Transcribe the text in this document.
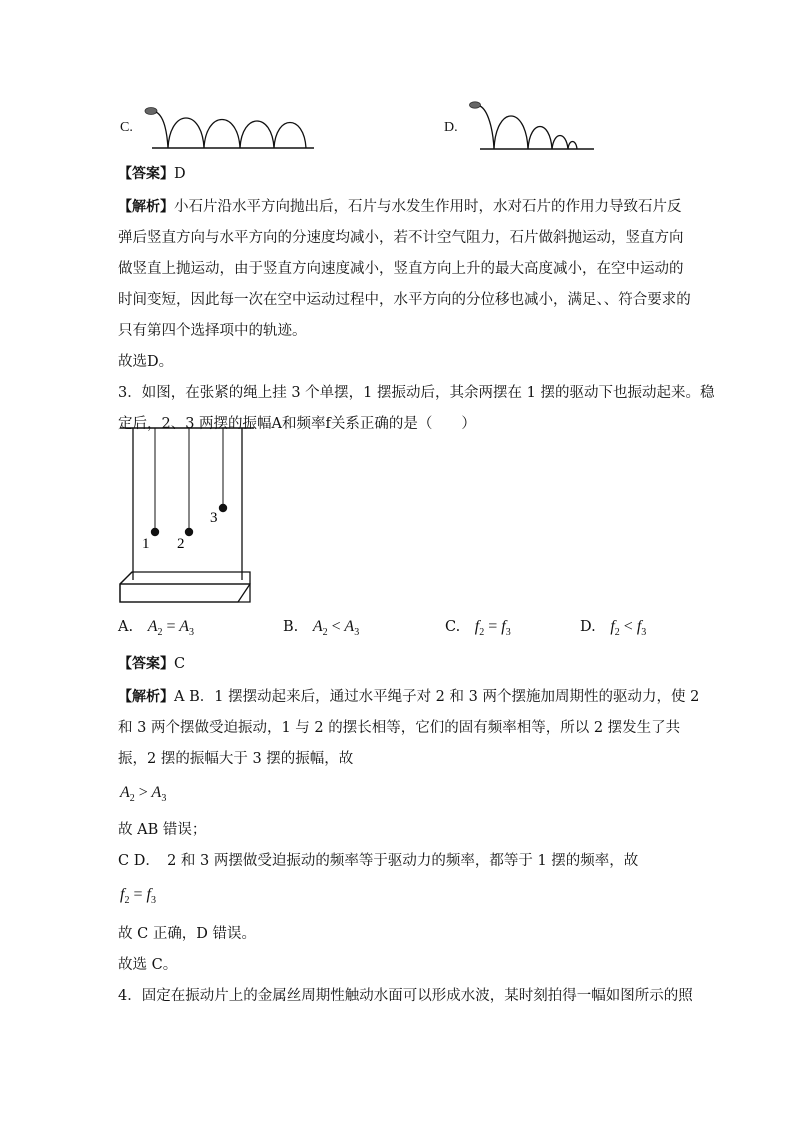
C.	D.
【答案】D
【解析】小石片沿水平方向抛出后，石片与水发生作用时，水对石片的作用力导致石片反
弹后竖直方向与水平方向的分速度均减小，若不计空气阻力，石片做斜抛运动，竖直方向
做竖直上抛运动，由于竖直方向速度减小，竖直方向上升的最大高度减小，在空中运动的
时间变短，因此每一次在空中运动过程中，水平方向的分位移也减小，满足、、符合要求的
只有第四个选择项中的轨迹。
故选D。
3．如图，在张紧的绳上挂 3 个单摆，1 摆振动后，其余两摆在 1 摆的驱动下也振动起来。稳
定后，2、3 两摆的振幅A和频率f关系正确的是（　　）
1 2
3
A. $A_2 = A_3$	B. $A_2 < A_3$	C. $f_2 = f_3$	D. $f_2 < f_3$
【答案】C
【解析】A B．1 摆摆动起来后，通过水平绳子对 2 和 3 两个摆施加周期性的驱动力，使 2
和 3 两个摆做受迫振动，1 与 2 的摆长相等，它们的固有频率相等，所以 2 摆发生了共
振，2 摆的振幅大于 3 摆的振幅，故
$A_2 > A_3$
故 AB 错误；
C D．　2 和 3 两摆做受迫振动的频率等于驱动力的频率，都等于 1 摆的频率，故
$f_2 = f_3$
故 C 正确，D 错误。
故选 C。
4．固定在振动片上的金属丝周期性触动水面可以形成水波，某时刻拍得一幅如图所示的照
